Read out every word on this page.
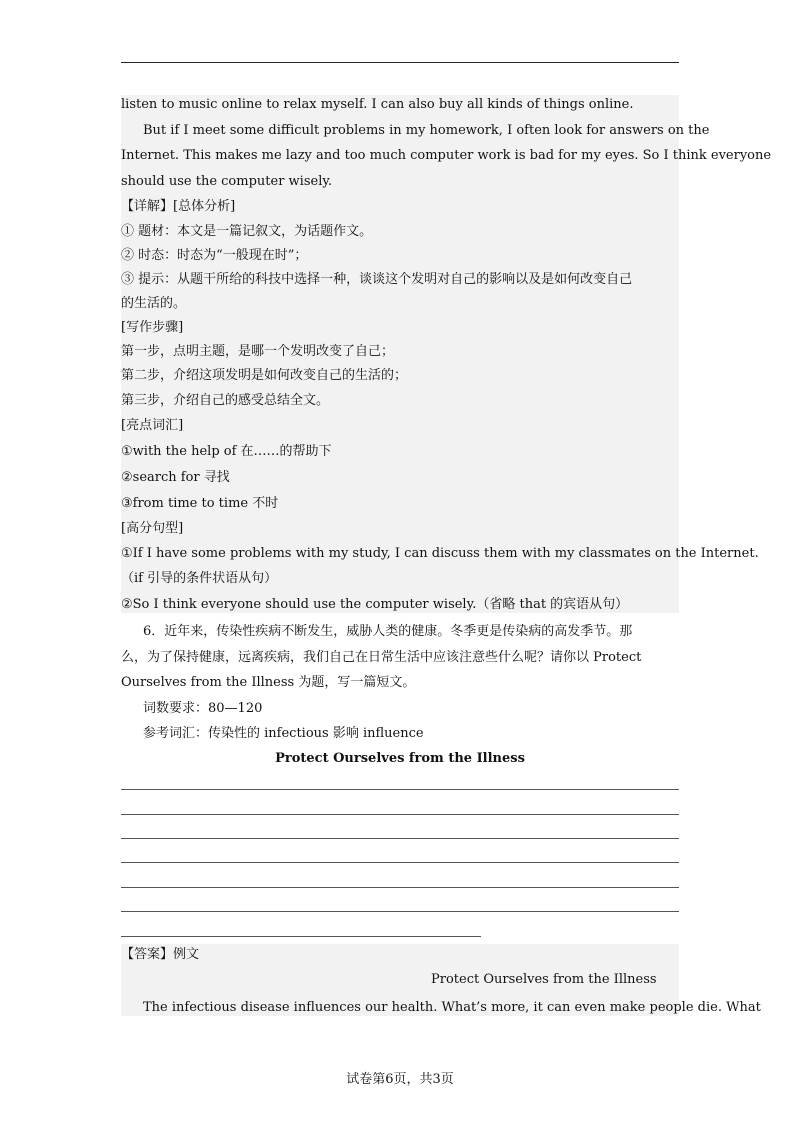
listen to music online to relax myself. I can also buy all kinds of things online.
But if I meet some difficult problems in my homework, I often look for answers on the
Internet. This makes me lazy and too much computer work is bad for my eyes. So I think everyone
should use the computer wisely.
【详解】[总体分析]
① 题材：本文是一篇记叙文，为话题作文。
② 时态：时态为“一般现在时”；
③ 提示：从题干所给的科技中选择一种，谈谈这个发明对自己的影响以及是如何改变自己
的生活的。
[写作步骤]
第一步，点明主题，是哪一个发明改变了自己；
第二步，介绍这项发明是如何改变自己的生活的；
第三步，介绍自己的感受总结全文。
[亮点词汇]
①with the help of 在……的帮助下
②search for 寻找
③from time to time 不时
[高分句型]
①If I have some problems with my study, I can discuss them with my classmates on the Internet.
（if 引导的条件状语从句）
②So I think everyone should use the computer wisely.（省略 that 的宾语从句）
6．近年来，传染性疾病不断发生，威胁人类的健康。冬季更是传染病的高发季节。那
么，为了保持健康，远离疾病，我们自己在日常生活中应该注意些什么呢？请你以 Protect
Ourselves from the Illness 为题，写一篇短文。
词数要求：80—120
参考词汇：传染性的 infectious 影响 influence
Protect Ourselves from the Illness
【答案】例文
Protect Ourselves from the Illness
The infectious disease influences our health. What’s more, it can even make people die. What
试卷第6页，共3页
